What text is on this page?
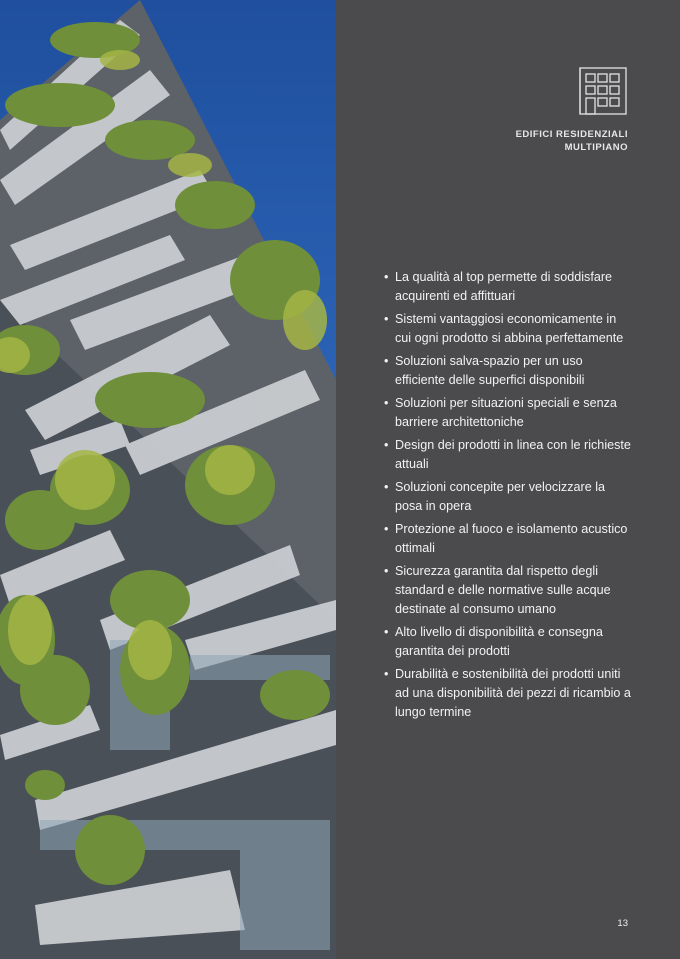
EDIFICI RESIDENZIALI
MULTIPIANO
• La qualità al top permette di soddisfare acquirenti ed affittuari
• Sistemi vantaggiosi economicamente in cui ogni prodotto si abbina perfettamente
• Soluzioni salva-spazio per un uso efficiente delle superfici disponibili
• Soluzioni per situazioni speciali e senza barriere architettoniche
• Design dei prodotti in linea con le richieste attuali
• Soluzioni concepite per velocizzare la posa in opera
• Protezione al fuoco e isolamento acustico ottimali
• Sicurezza garantita dal rispetto degli standard e delle normative sulle acque destinate al consumo umano
• Alto livello di disponibilità e consegna garantita dei prodotti
• Durabilità e sostenibilità dei prodotti uniti ad una disponibilità dei pezzi di ricambio a lungo termine
13
